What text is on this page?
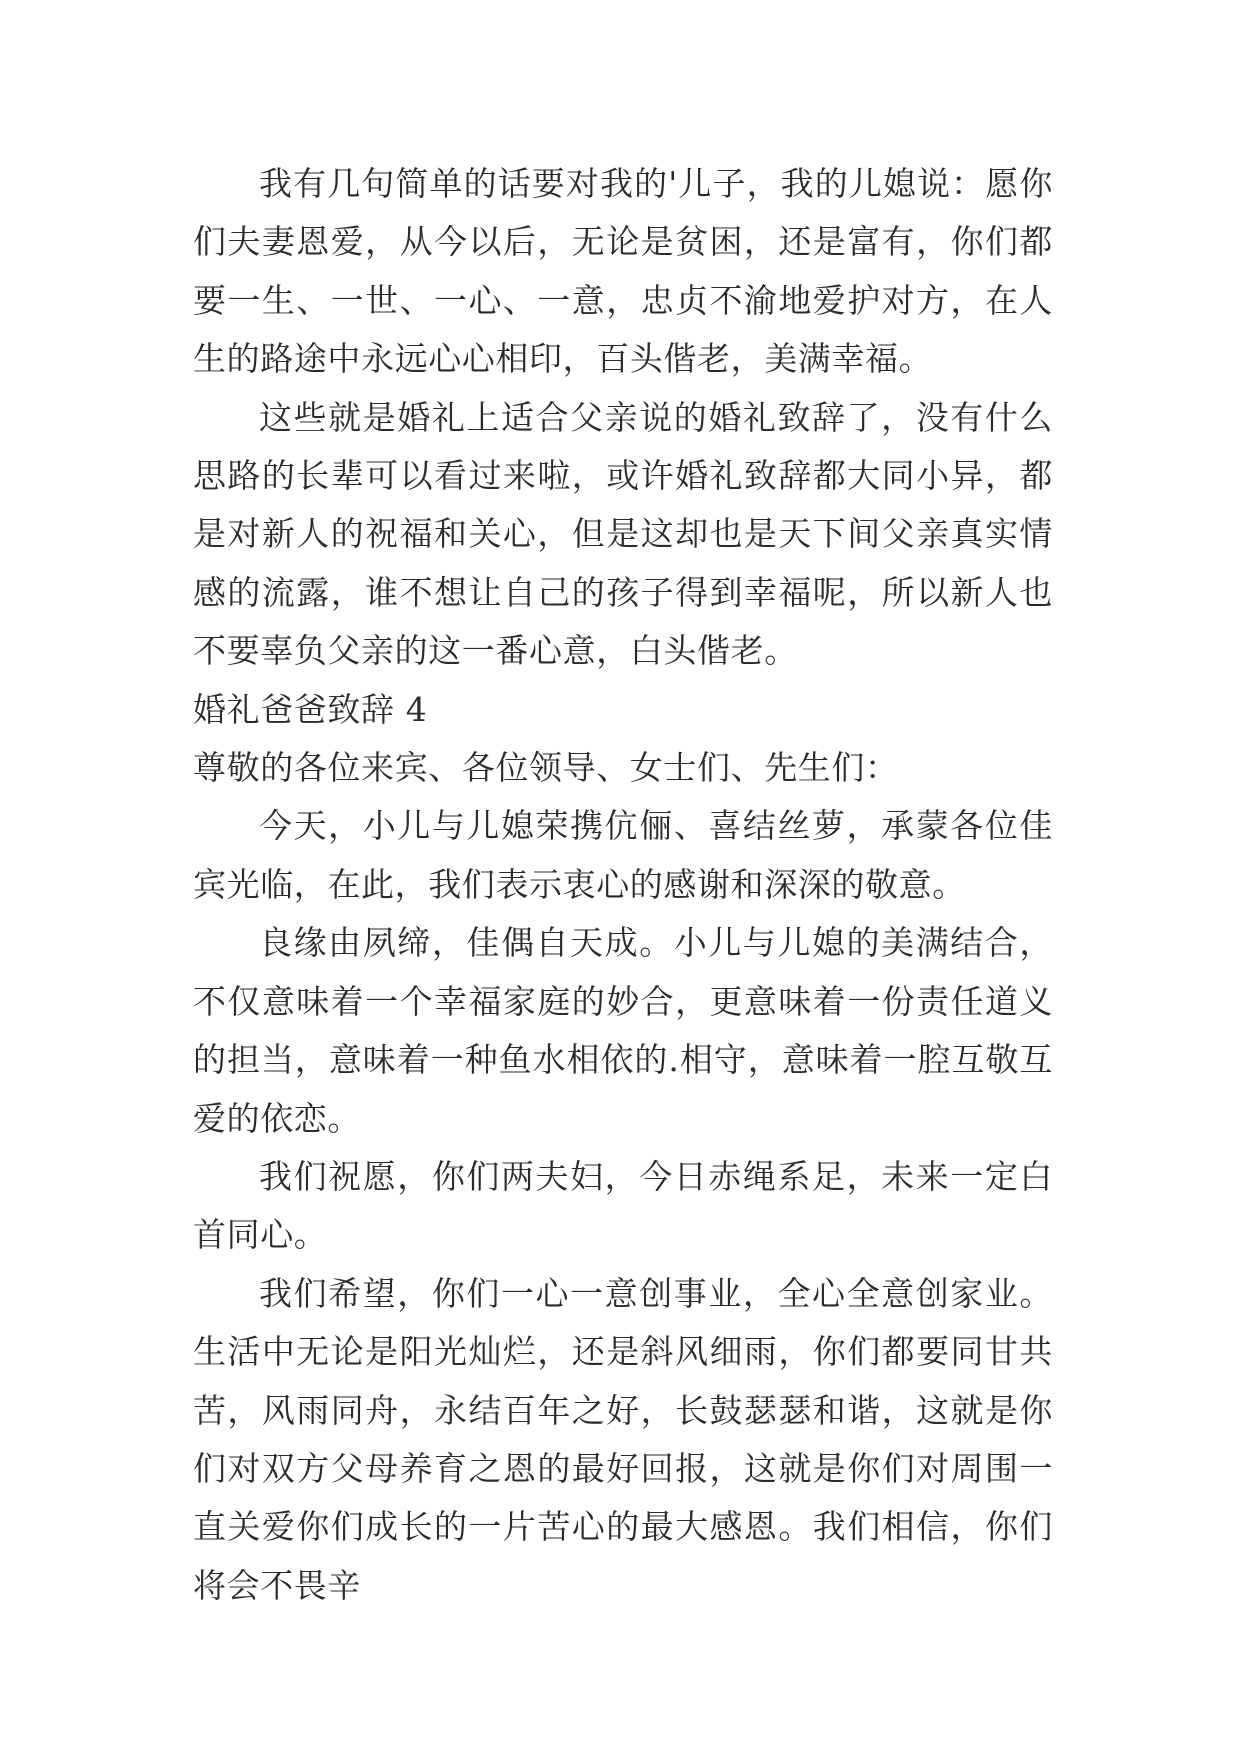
我有几句简单的话要对我的'儿子，我的儿媳说：愿你们夫妻恩爱，从今以后，无论是贫困，还是富有，你们都要一生、一世、一心、一意，忠贞不渝地爱护对方，在人生的路途中永远心心相印，百头偕老，美满幸福。

这些就是婚礼上适合父亲说的婚礼致辞了，没有什么思路的长辈可以看过来啦，或许婚礼致辞都大同小异，都是对新人的祝福和关心，但是这却也是天下间父亲真实情感的流露，谁不想让自己的孩子得到幸福呢，所以新人也不要辜负父亲的这一番心意，白头偕老。

婚礼爸爸致辞 4

尊敬的各位来宾、各位领导、女士们、先生们：

今天，小儿与儿媳荣携伉俪、喜结丝萝，承蒙各位佳宾光临，在此，我们表示衷心的感谢和深深的敬意。

良缘由夙缔，佳偶自天成。小儿与儿媳的美满结合，不仅意味着一个幸福家庭的妙合，更意味着一份责任道义的担当，意味着一种鱼水相依的.相守，意味着一腔互敬互爱的依恋。

我们祝愿，你们两夫妇，今日赤绳系足，未来一定白首同心。

我们希望，你们一心一意创事业，全心全意创家业。生活中无论是阳光灿烂，还是斜风细雨，你们都要同甘共苦，风雨同舟，永结百年之好，长鼓瑟瑟和谐，这就是你们对双方父母养育之恩的最好回报，这就是你们对周围一直关爱你们成长的一片苦心的最大感恩。我们相信，你们将会不畏辛
